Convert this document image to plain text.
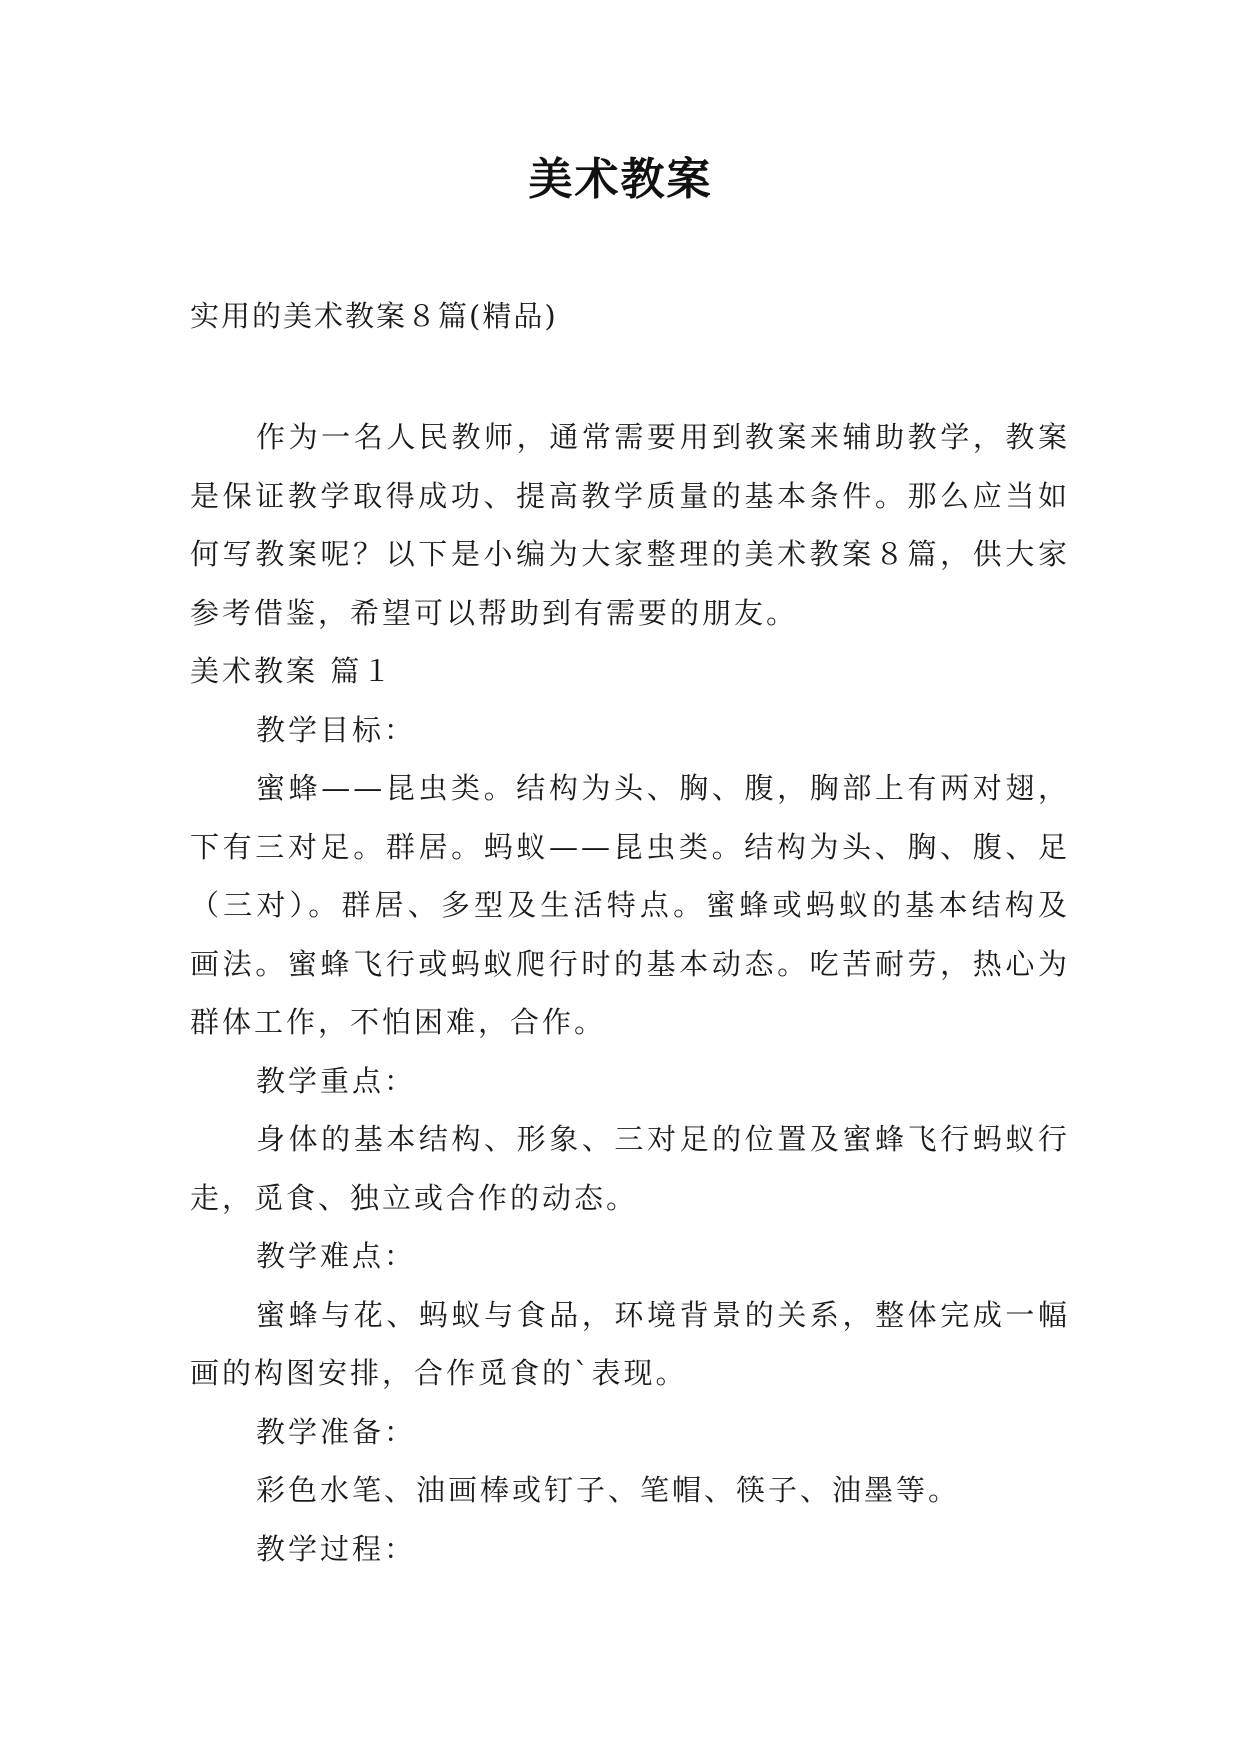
美术教案
实用的美术教案８篇(精品)

作为一名人民教师，通常需要用到教案来辅助教学，教案是保证教学取得成功、提高教学质量的基本条件。那么应当如何写教案呢？以下是小编为大家整理的美术教案８篇，供大家参考借鉴，希望可以帮助到有需要的朋友。

美术教案 篇１

教学目标：

蜜蜂——昆虫类。结构为头、胸、腹，胸部上有两对翅，下有三对足。群居。蚂蚁——昆虫类。结构为头、胸、腹、足（三对）。群居、多型及生活特点。蜜蜂或蚂蚁的基本结构及画法。蜜蜂飞行或蚂蚁爬行时的基本动态。吃苦耐劳，热心为群体工作，不怕困难，合作。

教学重点：

身体的基本结构、形象、三对足的位置及蜜蜂飞行蚂蚁行走，觅食、独立或合作的动态。

教学难点：

蜜蜂与花、蚂蚁与食品，环境背景的关系，整体完成一幅画的构图安排，合作觅食的`表现。

教学准备：

彩色水笔、油画棒或钉子、笔帽、筷子、油墨等。

教学过程：
